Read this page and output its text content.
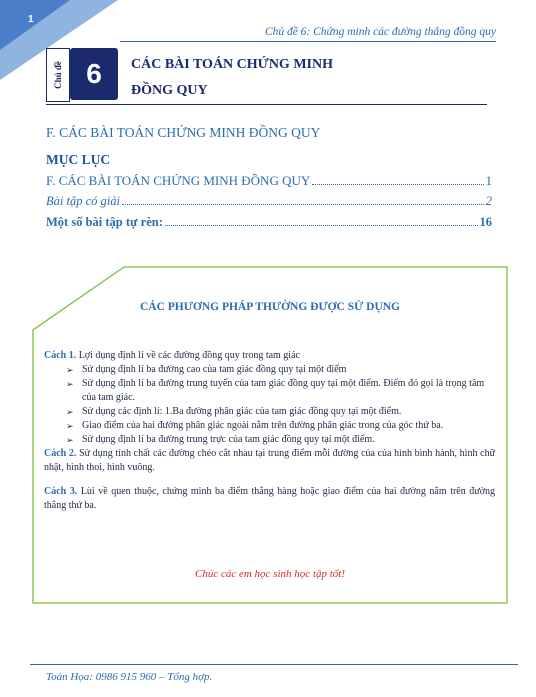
1
Chủ đề 6: Chứng minh các đường thẳng đồng quy
Chủ đề 6	CÁC BÀI TOÁN CHỨNG MINH
ĐỒNG QUY
F. CÁC BÀI TOÁN CHỨNG MINH ĐỒNG QUY
MỤC LỤC
F. CÁC BÀI TOÁN CHỨNG MINH ĐỒNG QUY	1
Bài tập có giải	2
Một số bài tập tự rèn:	16
CÁC PHƯƠNG PHÁP THƯỜNG ĐƯỢC SỬ DỤNG

Cách 1. Lợi dụng định lí về các đường đồng quy trong tam giác

➢ Sử dụng định lí ba đường cao của tam giác đồng quy tại một điểm
➢ Sử dụng định lí ba đường trung tuyến của tam giác đồng quy tại một điểm. Điểm đó gọi là trọng tâm của tam giác.
➢ Sử dụng các định lí: 1.Ba đường phân giác của tam giác đồng quy tại một điểm.
➢ Giao điểm của hai đường phân giác ngoài nằm trên đường phân giác trong của góc thứ ba.
➢ Sử dụng định lí ba đường trung trực của tam giác đồng quy tại một điểm.

Cách 2. Sử dụng tính chất các đường chéo cắt nhau tại trung điểm mỗi đường của của hình bình hành, hình chữ nhật, hình thoi, hình vuông.

Cách 3. Lùi về quen thuộc, chứng minh ba điểm thẳng hàng hoặc giao điểm của hai đường nằm trên đường thẳng thứ ba.

Chúc các em học sinh học tập tốt!
Toán Họa: 0986 915 960 – Tổng hợp.
